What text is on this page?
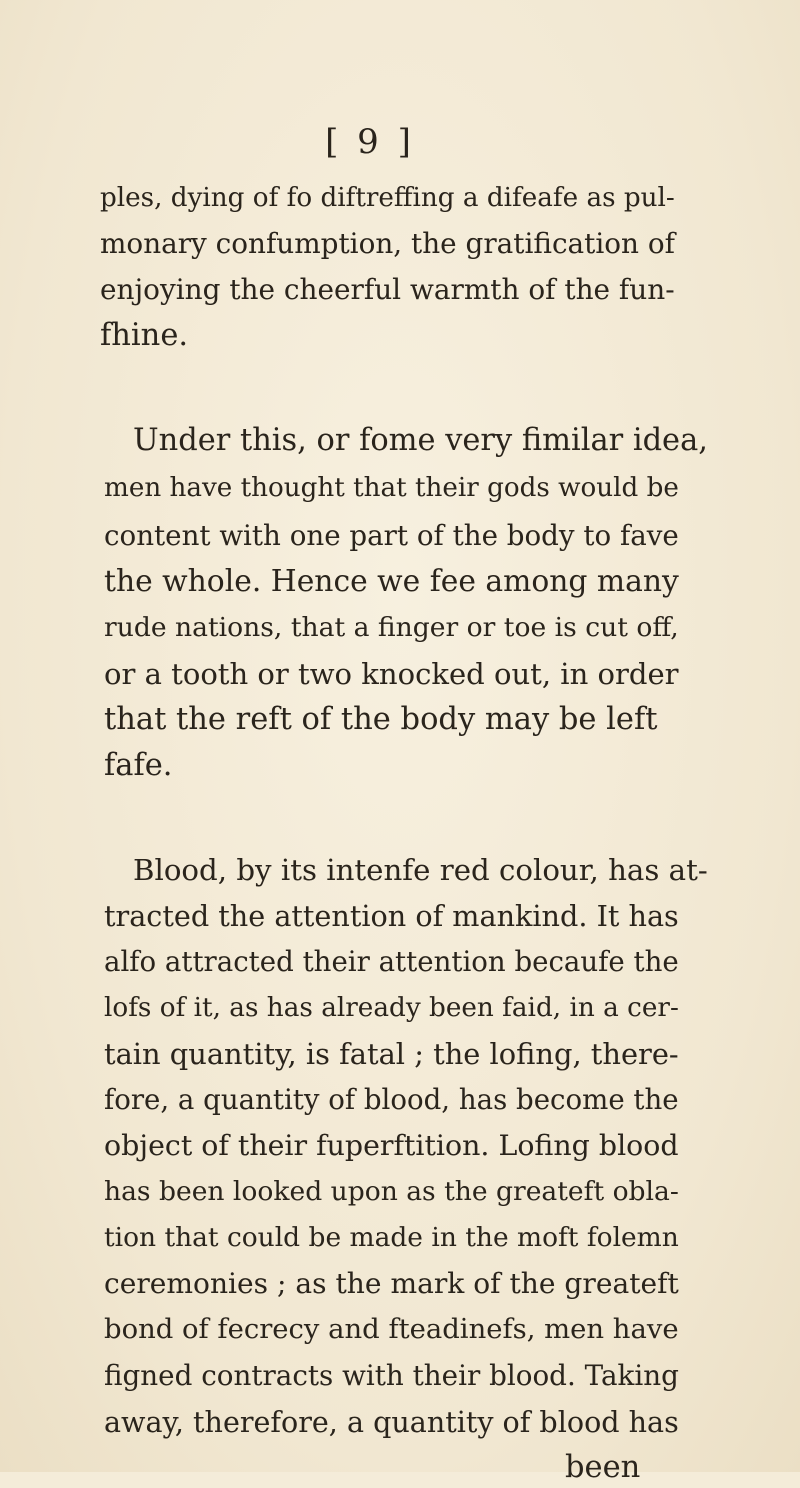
[ 9 ]
ples, dying of fo diftreffing a difeafe as pul-
monary confumption, the gratification of
enjoying the cheerful warmth of the fun-
fhine.
Under this, or fome very fimilar idea,
men have thought that their gods would be
content with one part of the body to fave
the whole. Hence we fee among many
rude nations, that a finger or toe is cut off,
or a tooth or two knocked out, in order
that the reft of the body may be left
fafe.
Blood, by its intenfe red colour, has at-
tracted the attention of mankind. It has
alfo attracted their attention becaufe the
lofs of it, as has already been faid, in a cer-
tain quantity, is fatal ; the lofing, there-
fore, a quantity of blood, has become the
object of their fuperftition. Lofing blood
has been looked upon as the greateft obla-
tion that could be made in the moft folemn
ceremonies ; as the mark of the greateft
bond of fecrecy and fteadinefs, men have
figned contracts with their blood. Taking
away, therefore, a quantity of blood has
been
